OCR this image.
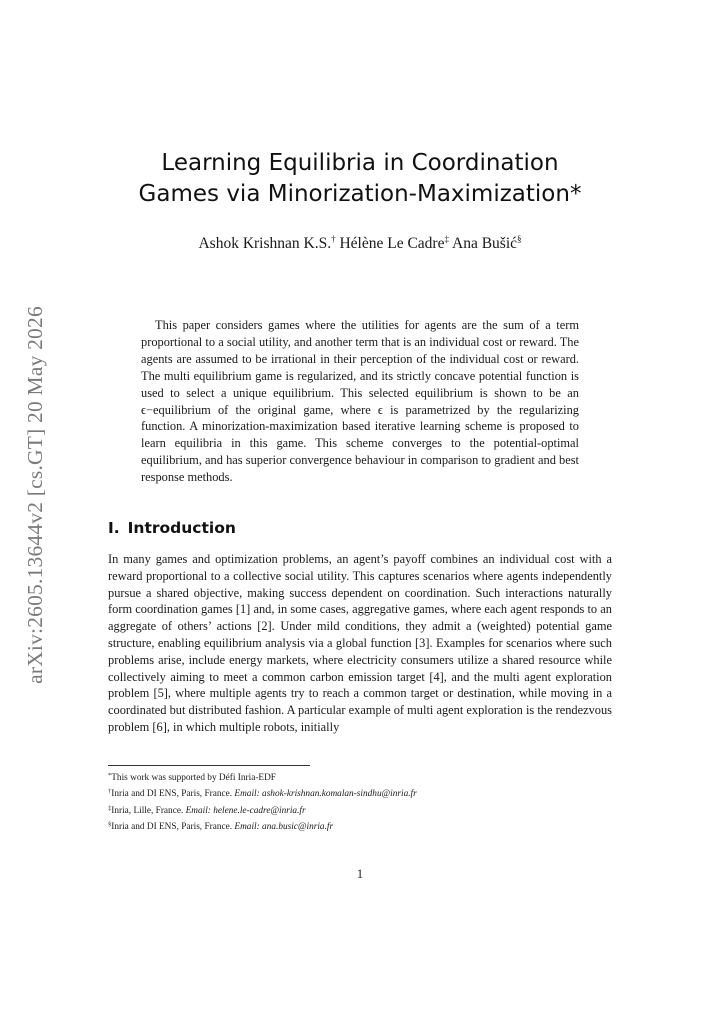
arXiv:2605.13644v2 [cs.GT] 20 May 2026
Learning Equilibria in Coordination
Games via Minorization-Maximization*
Ashok Krishnan K.S.† Hélène Le Cadre‡ Ana Bušić§

This paper considers games where the utilities for agents are the sum of a term proportional to a social utility, and another term that is an individual cost or reward. The agents are assumed to be irrational in their perception of the individual cost or reward. The multi equilibrium game is regularized, and its strictly concave potential function is used to select a unique equilibrium. This selected equilibrium is shown to be an ϵ−equilibrium of the original game, where ϵ is parametrized by the regularizing function. A minorization-maximization based iterative learning scheme is proposed to learn equilibria in this game. This scheme converges to the potential-optimal equilibrium, and has superior convergence behaviour in comparison to gradient and best response methods.

I. Introduction

In many games and optimization problems, an agent’s payoff combines an individual cost with a reward proportional to a collective social utility. This captures scenarios where agents independently pursue a shared objective, making success dependent on coordination. Such interactions naturally form coordination games [1] and, in some cases, aggregative games, where each agent responds to an aggregate of others’ actions [2]. Under mild conditions, they admit a (weighted) potential game structure, enabling equilibrium analysis via a global function [3]. Examples for scenarios where such problems arise, include energy markets, where electricity consumers utilize a shared resource while collectively aiming to meet a common carbon emission target [4], and the multi agent exploration problem [5], where multiple agents try to reach a common target or destination, while moving in a coordinated but distributed fashion. A particular example of multi agent exploration is the rendezvous problem [6], in which multiple robots, initially

*This work was supported by Défi Inria-EDF
†Inria and DI ENS, Paris, France. Email: ashok-krishnan.komalan-sindhu@inria.fr
‡Inria, Lille, France. Email: helene.le-cadre@inria.fr
§Inria and DI ENS, Paris, France. Email: ana.busic@inria.fr
1
